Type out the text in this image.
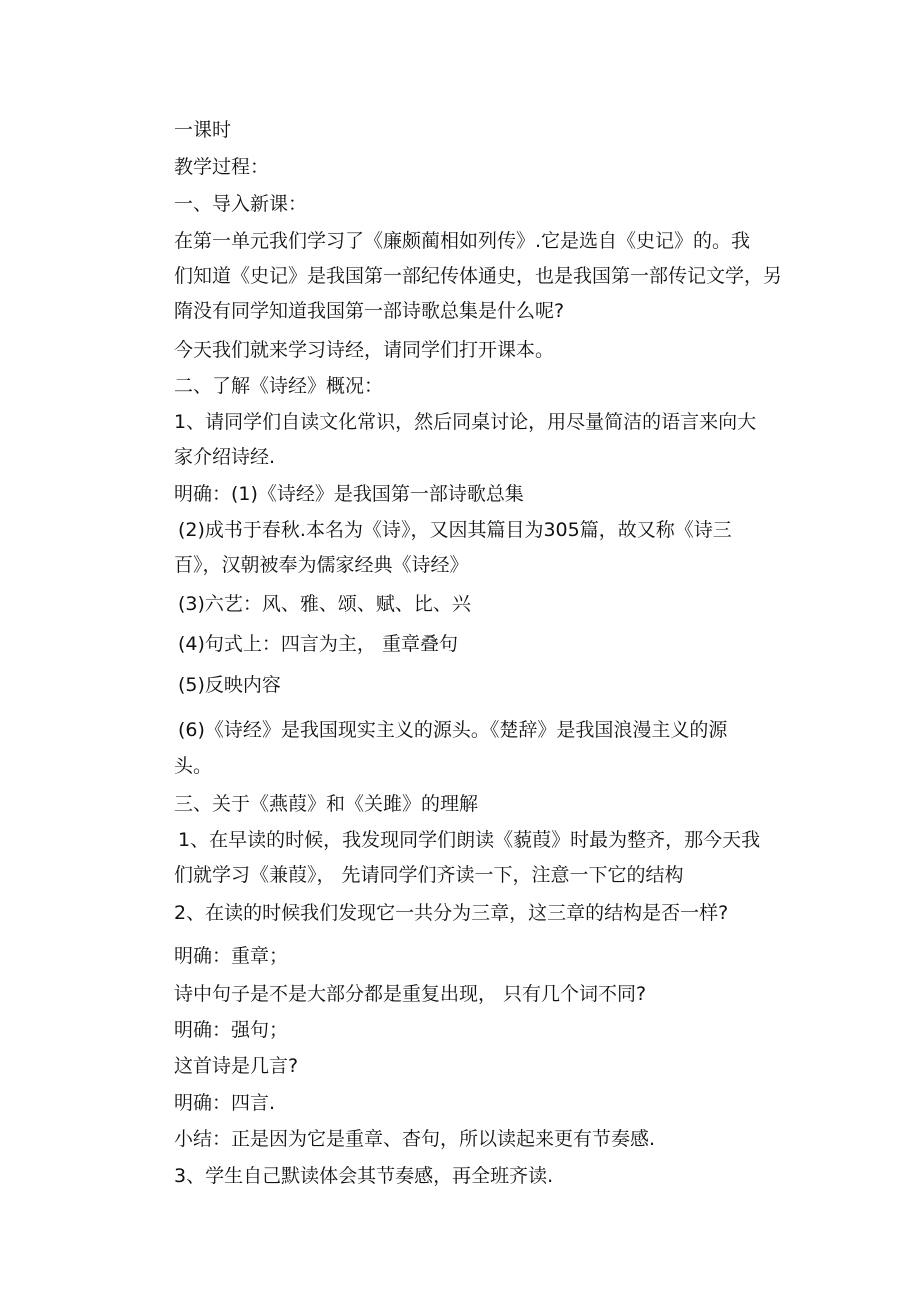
一课时
教学过程：
一、导入新课：
在第一单元我们学习了《廉颇蔺相如列传》.它是选自《史记》的。我
们知道《史记》是我国第一部纪传体通史，也是我国第一部传记文学，另
隋没有同学知道我国第一部诗歌总集是什么呢?
今天我们就来学习诗经，请同学们打开课本。
二、了解《诗经》概况：
1、请同学们自读文化常识，然后同桌讨论，用尽量简洁的语言来向大
家介绍诗经.
明确：(1)《诗经》是我国第一部诗歌总集
(2)成书于春秋.本名为《诗》，又因其篇目为305篇，故又称《诗三
百》，汉朝被奉为儒家经典《诗经》
(3)六艺：风、雅、颂、赋、比、兴
(4)句式上：四言为主， 重章叠句
(5)反映内容
(6)《诗经》是我国现实主义的源头。《楚辞》是我国浪漫主义的源
头。
三、关于《燕葭》和《关雎》的理解
1、在早读的时候，我发现同学们朗读《藐葭》时最为整齐，那今天我
们就学习《兼葭》， 先请同学们齐读一下，注意一下它的结构
2、在读的时候我们发现它一共分为三章，这三章的结构是否一样?
明确：重章；
诗中句子是不是大部分都是重复出现， 只有几个词不同?
明确：强句；
这首诗是几言?
明确：四言.
小结：正是因为它是重章、杳句，所以读起来更有节奏感.
3、学生自己默读体会其节奏感，再全班齐读.
